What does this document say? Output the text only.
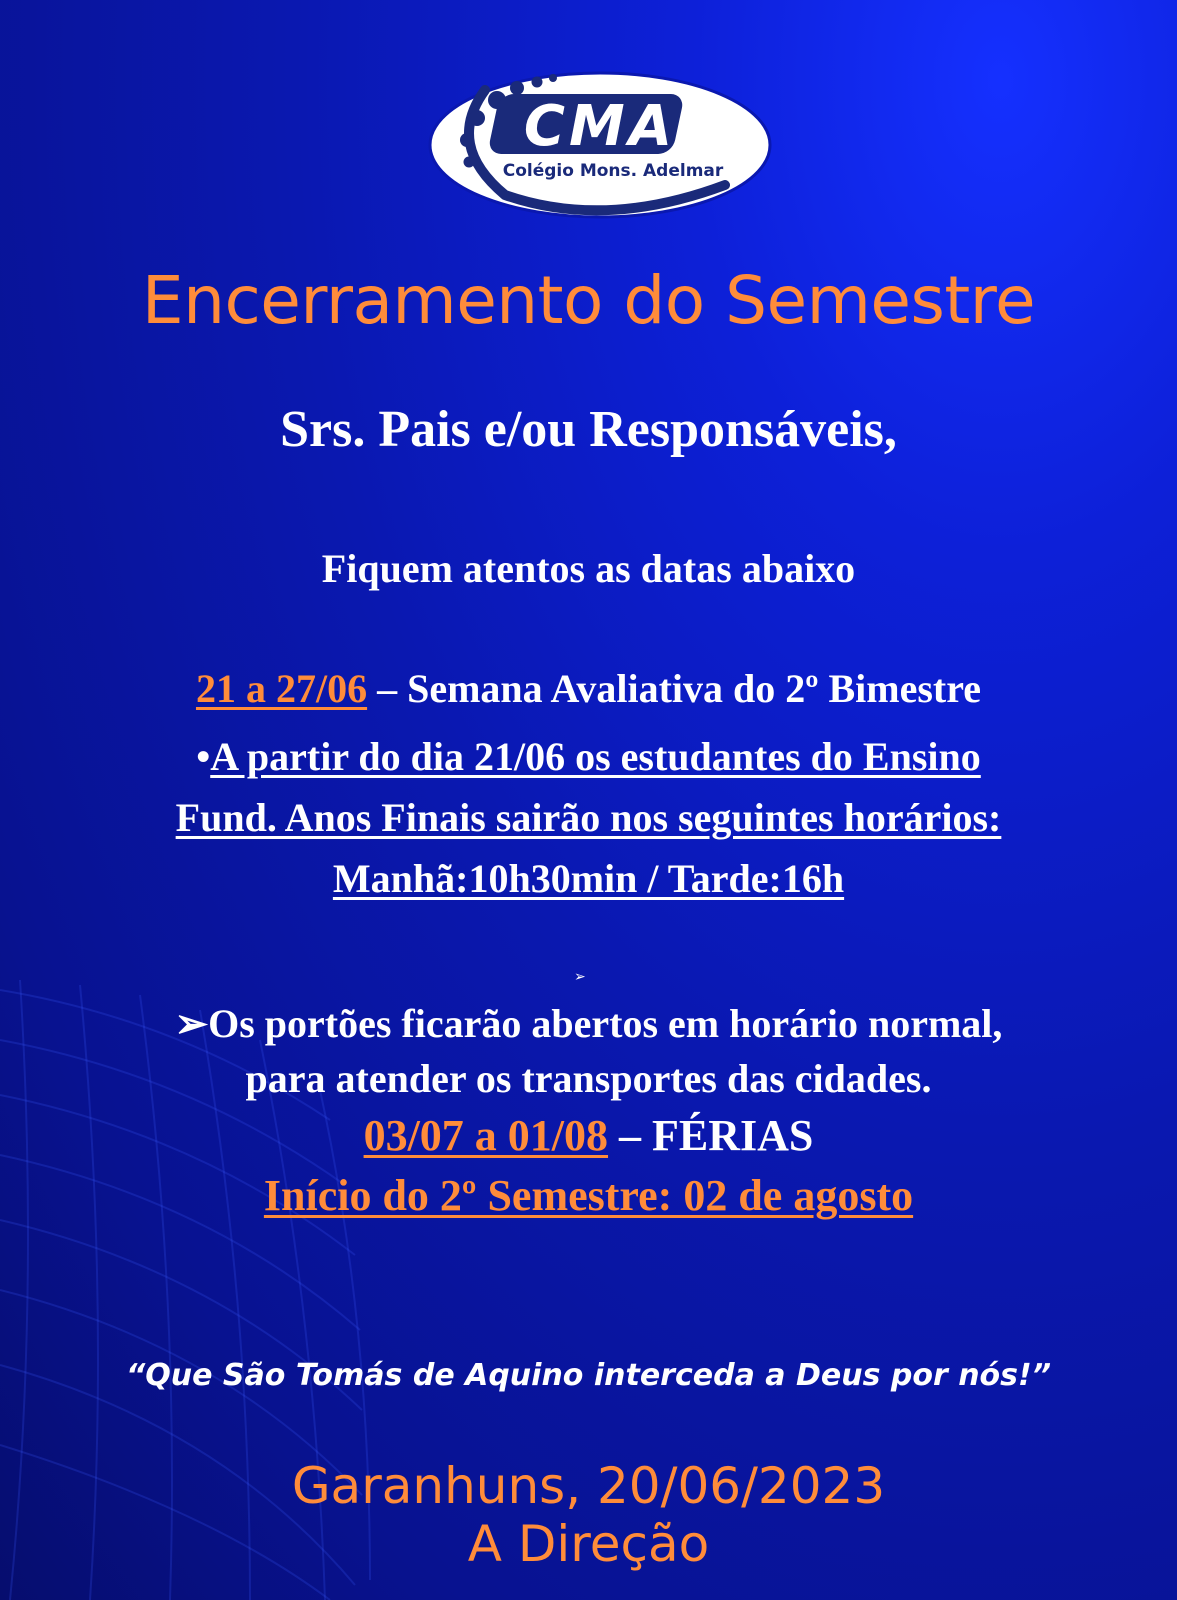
CMA
Colégio Mons. Adelmar
Encerramento do Semestre
Srs. Pais e/ou Responsáveis,
Fiquem atentos as datas abaixo
21 a 27/06 – Semana Avaliativa do 2º Bimestre
•A partir do dia 21/06 os estudantes do Ensino
Fund. Anos Finais sairão nos seguintes horários:
Manhã:10h30min / Tarde:16h
➢
➢Os portões ficarão abertos em horário normal,
para atender os transportes das cidades.
03/07 a 01/08 – FÉRIAS
Início do 2º Semestre: 02 de agosto
“Que São Tomás de Aquino interceda a Deus por nós!”
Garanhuns, 20/06/2023
A Direção
